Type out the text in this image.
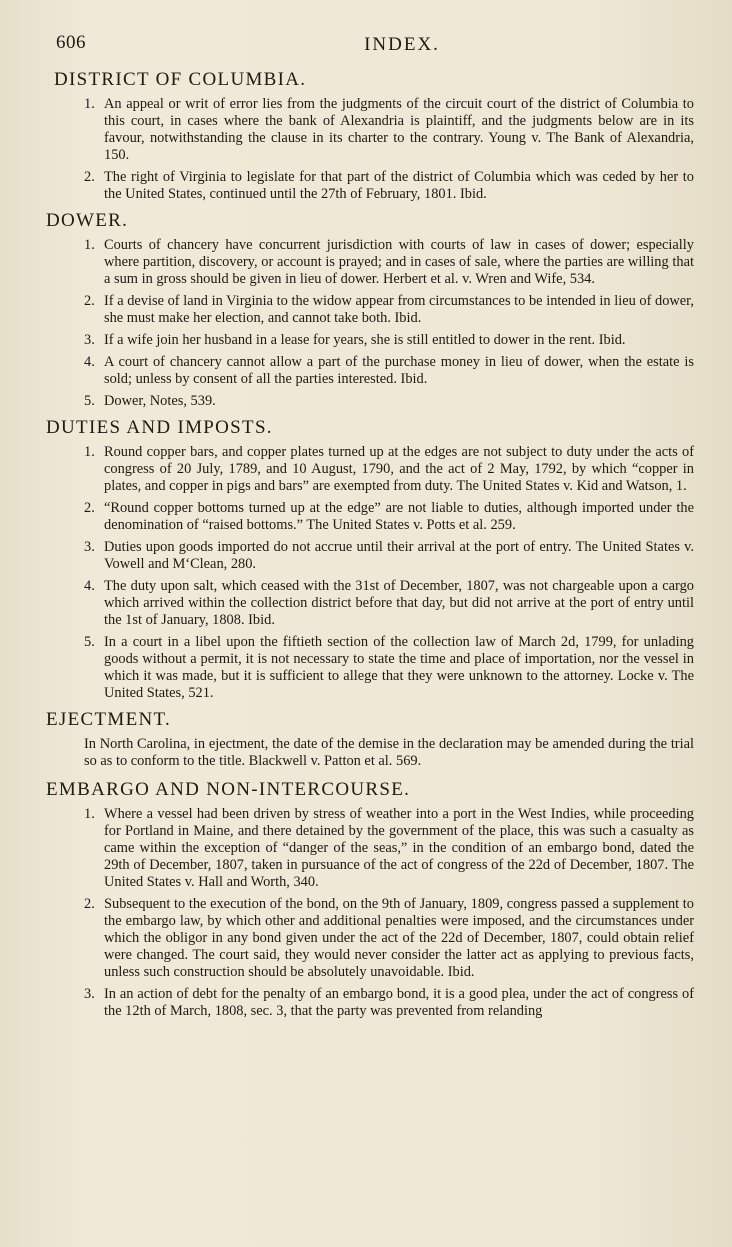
606	INDEX.
DISTRICT OF COLUMBIA.
1. An appeal or writ of error lies from the judgments of the circuit court of the district of Columbia to this court, in cases where the bank of Alexandria is plaintiff, and the judgments below are in its favour, notwithstanding the clause in its charter to the contrary. Young v. The Bank of Alexandria, 150.
2. The right of Virginia to legislate for that part of the district of Columbia which was ceded by her to the United States, continued until the 27th of February, 1801. Ibid.
DOWER.
1. Courts of chancery have concurrent jurisdiction with courts of law in cases of dower; especially where partition, discovery, or account is prayed; and in cases of sale, where the parties are willing that a sum in gross should be given in lieu of dower. Herbert et al. v. Wren and Wife, 534.
2. If a devise of land in Virginia to the widow appear from circumstances to be intended in lieu of dower, she must make her election, and cannot take both. Ibid.
3. If a wife join her husband in a lease for years, she is still entitled to dower in the rent. Ibid.
4. A court of chancery cannot allow a part of the purchase money in lieu of dower, when the estate is sold; unless by consent of all the parties interested. Ibid.
5. Dower, Notes, 539.
DUTIES AND IMPOSTS.
1. Round copper bars, and copper plates turned up at the edges are not subject to duty under the acts of congress of 20 July, 1789, and 10 August, 1790, and the act of 2 May, 1792, by which “copper in plates, and copper in pigs and bars” are exempted from duty. The United States v. Kid and Watson, 1.
2. “Round copper bottoms turned up at the edge” are not liable to duties, although imported under the denomination of “raised bottoms.” The United States v. Potts et al. 259.
3. Duties upon goods imported do not accrue until their arrival at the port of entry. The United States v. Vowell and M‘Clean, 280.
4. The duty upon salt, which ceased with the 31st of December, 1807, was not chargeable upon a cargo which arrived within the collection district before that day, but did not arrive at the port of entry until the 1st of January, 1808. Ibid.
5. In a court in a libel upon the fiftieth section of the collection law of March 2d, 1799, for unlading goods without a permit, it is not necessary to state the time and place of importation, nor the vessel in which it was made, but it is sufficient to allege that they were unknown to the attorney. Locke v. The United States, 521.
EJECTMENT.

In North Carolina, in ejectment, the date of the demise in the declaration may be amended during the trial so as to conform to the title. Blackwell v. Patton et al. 569.

EMBARGO AND NON-INTERCOURSE.
1. Where a vessel had been driven by stress of weather into a port in the West Indies, while proceeding for Portland in Maine, and there detained by the government of the place, this was such a casualty as came within the exception of “danger of the seas,” in the condition of an embargo bond, dated the 29th of December, 1807, taken in pursuance of the act of congress of the 22d of December, 1807. The United States v. Hall and Worth, 340.
2. Subsequent to the execution of the bond, on the 9th of January, 1809, congress passed a supplement to the embargo law, by which other and additional penalties were imposed, and the circumstances under which the obligor in any bond given under the act of the 22d of December, 1807, could obtain relief were changed. The court said, they would never consider the latter act as applying to previous facts, unless such construction should be absolutely unavoidable. Ibid.
3. In an action of debt for the penalty of an embargo bond, it is a good plea, under the act of congress of the 12th of March, 1808, sec. 3, that the party was prevented from relanding
